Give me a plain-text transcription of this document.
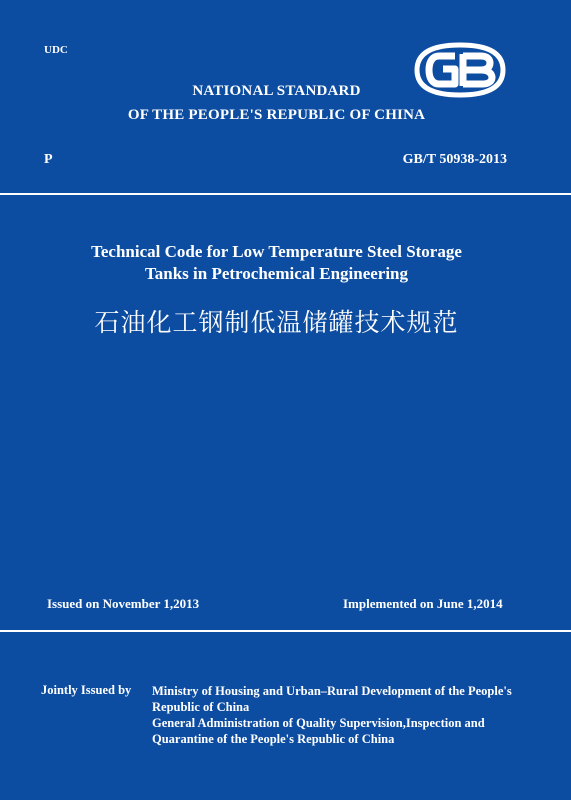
UDC
GB
NATIONAL STANDARD
OF THE PEOPLE'S REPUBLIC OF CHINA
P	GB/T 50938-2013
Technical Code for Low Temperature Steel Storage
Tanks in Petrochemical Engineering
石油化工钢制低温储罐技术规范
Issued on November 1,2013	Implemented on June 1,2014
Jointly Issued by Ministry of Housing and Urban–Rural Development of the People's
Republic of China
General Administration of Quality Supervision,Inspection and
Quarantine of the People's Republic of China
